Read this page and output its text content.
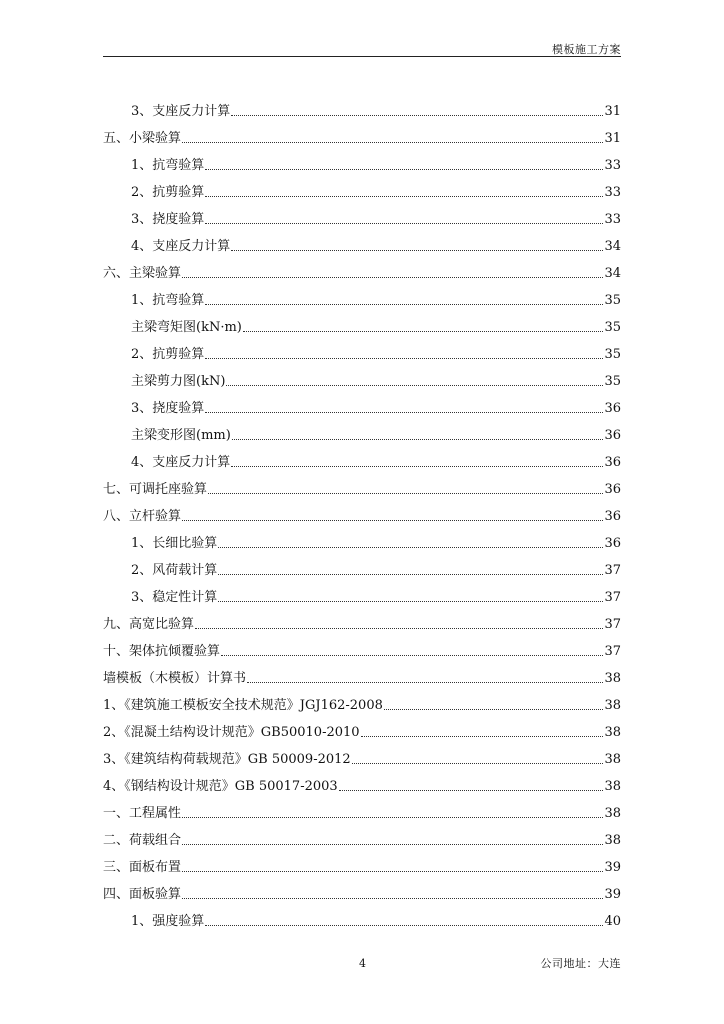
模板施工方案
3、支座反力计算	31
五、小梁验算	31
1、抗弯验算	33
2、抗剪验算	33
3、挠度验算	33
4、支座反力计算	34
六、主梁验算	34
1、抗弯验算	35
主梁弯矩图(kN·m)	35
2、抗剪验算	35
主梁剪力图(kN)	35
3、挠度验算	36
主梁变形图(mm)	36
4、支座反力计算	36
七、可调托座验算	36
八、立杆验算	36
1、长细比验算	36
2、风荷载计算	37
3、稳定性计算	37
九、高宽比验算	37
十、架体抗倾覆验算	37
墙模板（木模板）计算书	38
1、《建筑施工模板安全技术规范》JGJ162-2008	38
2、《混凝土结构设计规范》GB50010-2010	38
3、《建筑结构荷载规范》GB 50009-2012	38
4、《钢结构设计规范》GB 50017-2003	38
一、工程属性	38
二、荷载组合	38
三、面板布置	39
四、面板验算	39
1、强度验算	40
4	公司地址：大连
